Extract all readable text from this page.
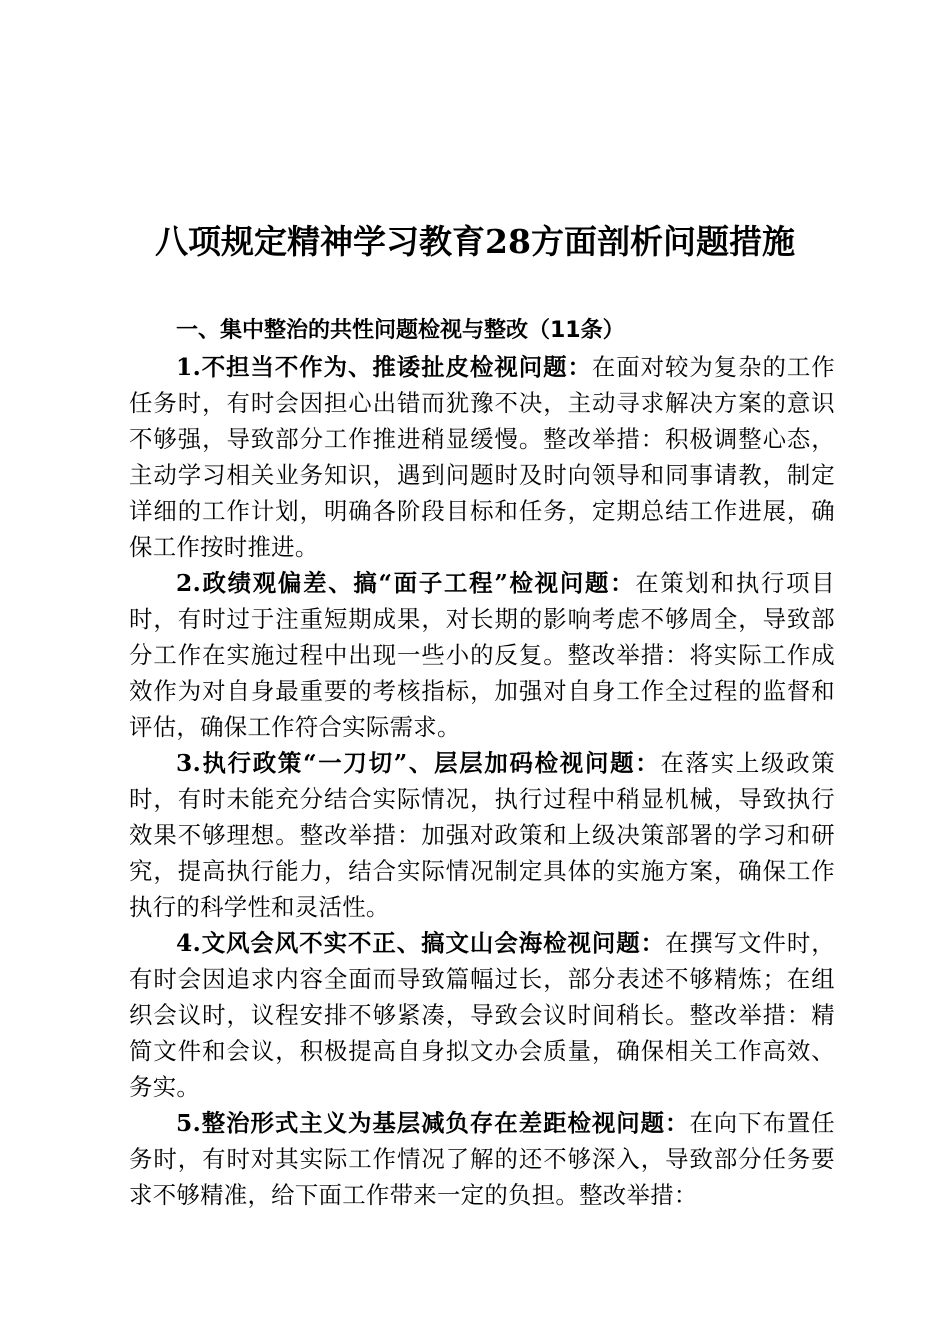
八项规定精神学习教育28方面剖析问题措施

一、集中整治的共性问题检视与整改（11条）

1.不担当不作为、推诿扯皮检视问题：在面对较为复杂的工作任务时，有时会因担心出错而犹豫不决，主动寻求解决方案的意识不够强，导致部分工作推进稍显缓慢。整改举措：积极调整心态，主动学习相关业务知识，遇到问题时及时向领导和同事请教，制定详细的工作计划，明确各阶段目标和任务，定期总结工作进展，确保工作按时推进。

2.政绩观偏差、搞“面子工程”检视问题：在策划和执行项目时，有时过于注重短期成果，对长期的影响考虑不够周全，导致部分工作在实施过程中出现一些小的反复。整改举措：将实际工作成效作为对自身最重要的考核指标，加强对自身工作全过程的监督和评估，确保工作符合实际需求。

3.执行政策“一刀切”、层层加码检视问题：在落实上级政策时，有时未能充分结合实际情况，执行过程中稍显机械，导致执行效果不够理想。整改举措：加强对政策和上级决策部署的学习和研究，提高执行能力，结合实际情况制定具体的实施方案，确保工作执行的科学性和灵活性。

4.文风会风不实不正、搞文山会海检视问题：在撰写文件时，有时会因追求内容全面而导致篇幅过长，部分表述不够精炼；在组织会议时，议程安排不够紧凑，导致会议时间稍长。整改举措：精简文件和会议，积极提高自身拟文办会质量，确保相关工作高效、务实。

5.整治形式主义为基层减负存在差距检视问题：在向下布置任务时，有时对其实际工作情况了解的还不够深入，导致部分任务要求不够精准，给下面工作带来一定的负担。整改举措：
